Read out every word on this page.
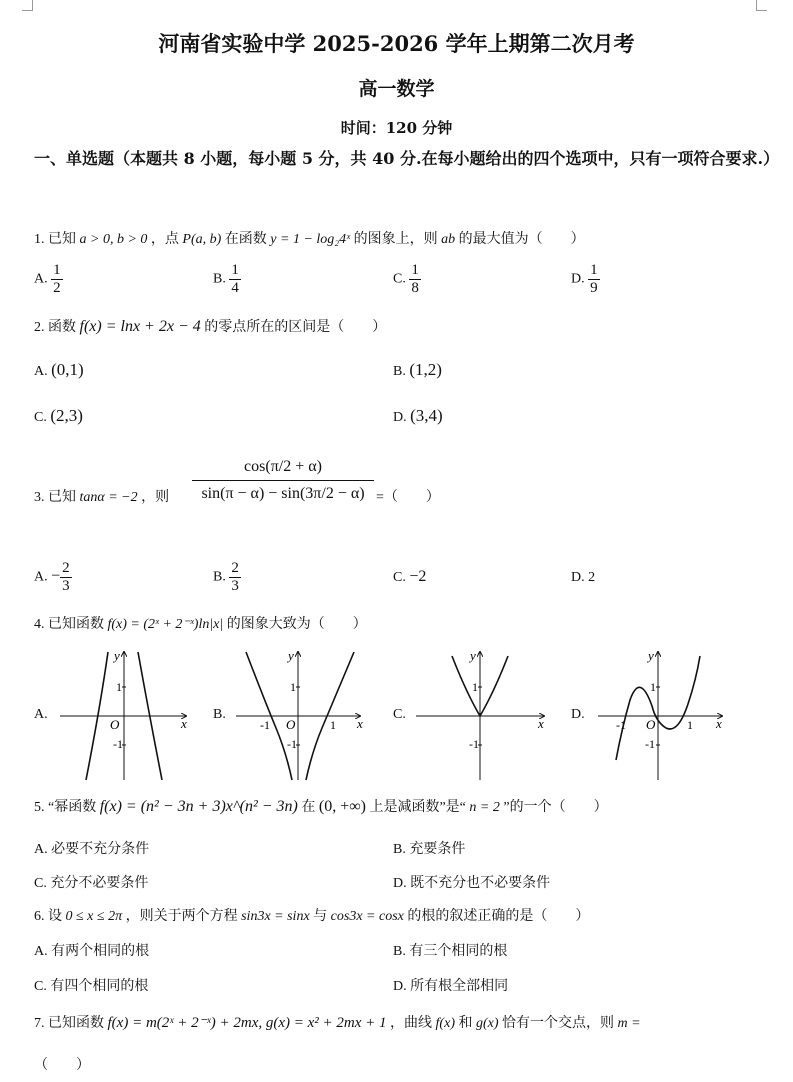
河南省实验中学 2025-2026 学年上期第二次月考
高一数学
时间：120 分钟
一、单选题（本题共 8 小题，每小题 5 分，共 40 分.在每小题给出的四个选项中，只有一项符合要求.）
1. 已知 a > 0, b > 0 ，点 P(a, b) 在函数 y = 1 − log₂4ˣ 的图象上，则 ab 的最大值为（　　）
A. $\frac{1}{2}$	B. $\frac{1}{4}$	C. $\frac{1}{8}$	D. $\frac{1}{9}$
2. 函数 f(x) = lnx + 2x − 4 的零点所在的区间是（　　）
A. (0,1)	B. (1,2)
C. (2,3)	D. (3,4)
3. 已知 tanα = −2 ，则 $\frac{\cos(\pi/2 + \alpha)}{\sin(\pi - \alpha) - \sin(3\pi/2 - \alpha)}$ =（　　）
A. − $\frac{2}{3}$	B. $\frac{2}{3}$	C. −2	D. 2
4. 已知函数 f(x) = (2ˣ + 2⁻ˣ)ln|x| 的图象大致为（　　）
A.	B.	C.	D.
y
x
O
1
-1
y
x
O
1
-1
-1	1
y
x
1
-1
y
x
O
1
-1
-1	1
5. “幂函数 f(x) = (n² − 3n + 3)x^(n² − 3n) 在 (0, +∞) 上是减函数”是“ n = 2 ”的一个（　　）
A. 必要不充分条件	B. 充要条件
C. 充分不必要条件	D. 既不充分也不必要条件
6. 设 0 ≤ x ≤ 2π ，则关于两个方程 sin3x = sinx 与 cos3x = cosx 的根的叙述正确的是（　　）
A. 有两个相同的根	B. 有三个相同的根
C. 有四个相同的根	D. 所有根全部相同
7. 已知函数 f(x) = m(2ˣ + 2⁻ˣ) + 2mx, g(x) = x² + 2mx + 1 ，曲线 f(x) 和 g(x) 恰有一个交点，则 m =
（　　）
